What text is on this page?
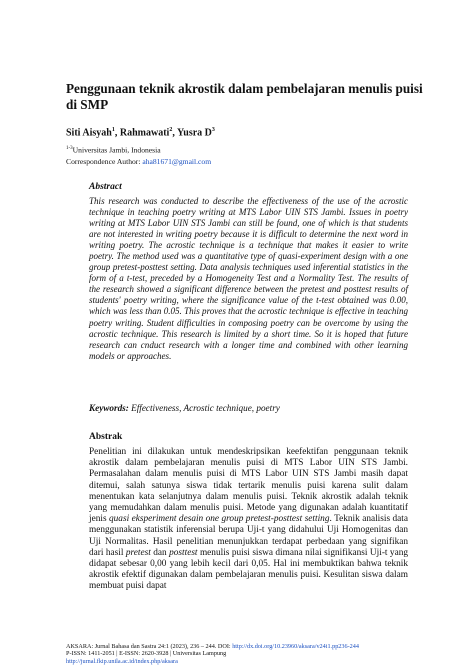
Penggunaan teknik akrostik dalam pembelajaran menulis puisi di SMP
Siti Aisyah$^1$, Rahmawati$^2$, Yusra $D^3$
$^{1-3}$Universitas Jambi, Indonesia
Correspondence Author: aha81671@gmail.com
Abstract

This research was conducted to describe the effectiveness of the use of the acrostic technique in teaching poetry writing at MTS Labor UIN STS Jambi. Issues in poetry writing at MTS Labor UIN STS Jambi can still be found, one of which is that students are not interested in writing poetry because it is difficult to determine the next word in writing poetry. The acrostic technique is a technique that makes it easier to write poetry. The method used was a quantitative type of quasi-experiment design with a one group pretest-posttest setting. Data analysis techniques used inferential statistics in the form of a t-test, preceded by a Homogeneity Test and a Normality Test. The results of the research showed a significant difference between the pretest and posttest results of students' poetry writing, where the significance value of the t-test obtained was 0.00, which was less than 0.05. This proves that the acrostic technique is effective in teaching poetry writing. Student difficulties in composing poetry can be overcome by using the acrostic technique. This research is limited by a short time. So it is hoped that future research can cnduct research with a longer time and combined with other learning models or approaches.

Keywords: Effectiveness, Acrostic technique, poetry
Abstrak

Penelitian ini dilakukan untuk mendeskripsikan keefektifan penggunaan teknik akrostik dalam pembelajaran menulis puisi di MTS Labor UIN STS Jambi. Permasalahan dalam menulis puisi di MTS Labor UIN STS Jambi masih dapat ditemui, salah satunya siswa tidak tertarik menulis puisi karena sulit dalam menentukan kata selanjutnya dalam menulis puisi. Teknik akrostik adalah teknik yang memudahkan dalam menulis puisi. Metode yang digunakan adalah kuantitatif jenis quasi eksperiment desain one group pretest-posttest setting. Teknik analisis data menggunakan statistik inferensial berupa Uji-t yang didahului Uji Homogenitas dan Uji Normalitas. Hasil penelitian menunjukkan terdapat perbedaan yang signifikan dari hasil pretest dan posttest menulis puisi siswa dimana nilai signifikansi Uji-t yang didapat sebesar 0,00 yang lebih kecil dari 0,05. Hal ini membuktikan bahwa teknik akrostik efektif digunakan dalam pembelajaran menulis puisi. Kesulitan siswa dalam membuat puisi dapat

AKSARA: Jurnal Bahasa dan Sastra 24:1 (2023), 236 – 244. DOI: http://dx.doi.org/10.23960/aksara/v24i1.pp236-244
P-ISSN: 1411-2051 | E-ISSN: 2620-3928 | Universitas Lampung
http://jurnal.fkip.unila.ac.id/index.php/aksara
